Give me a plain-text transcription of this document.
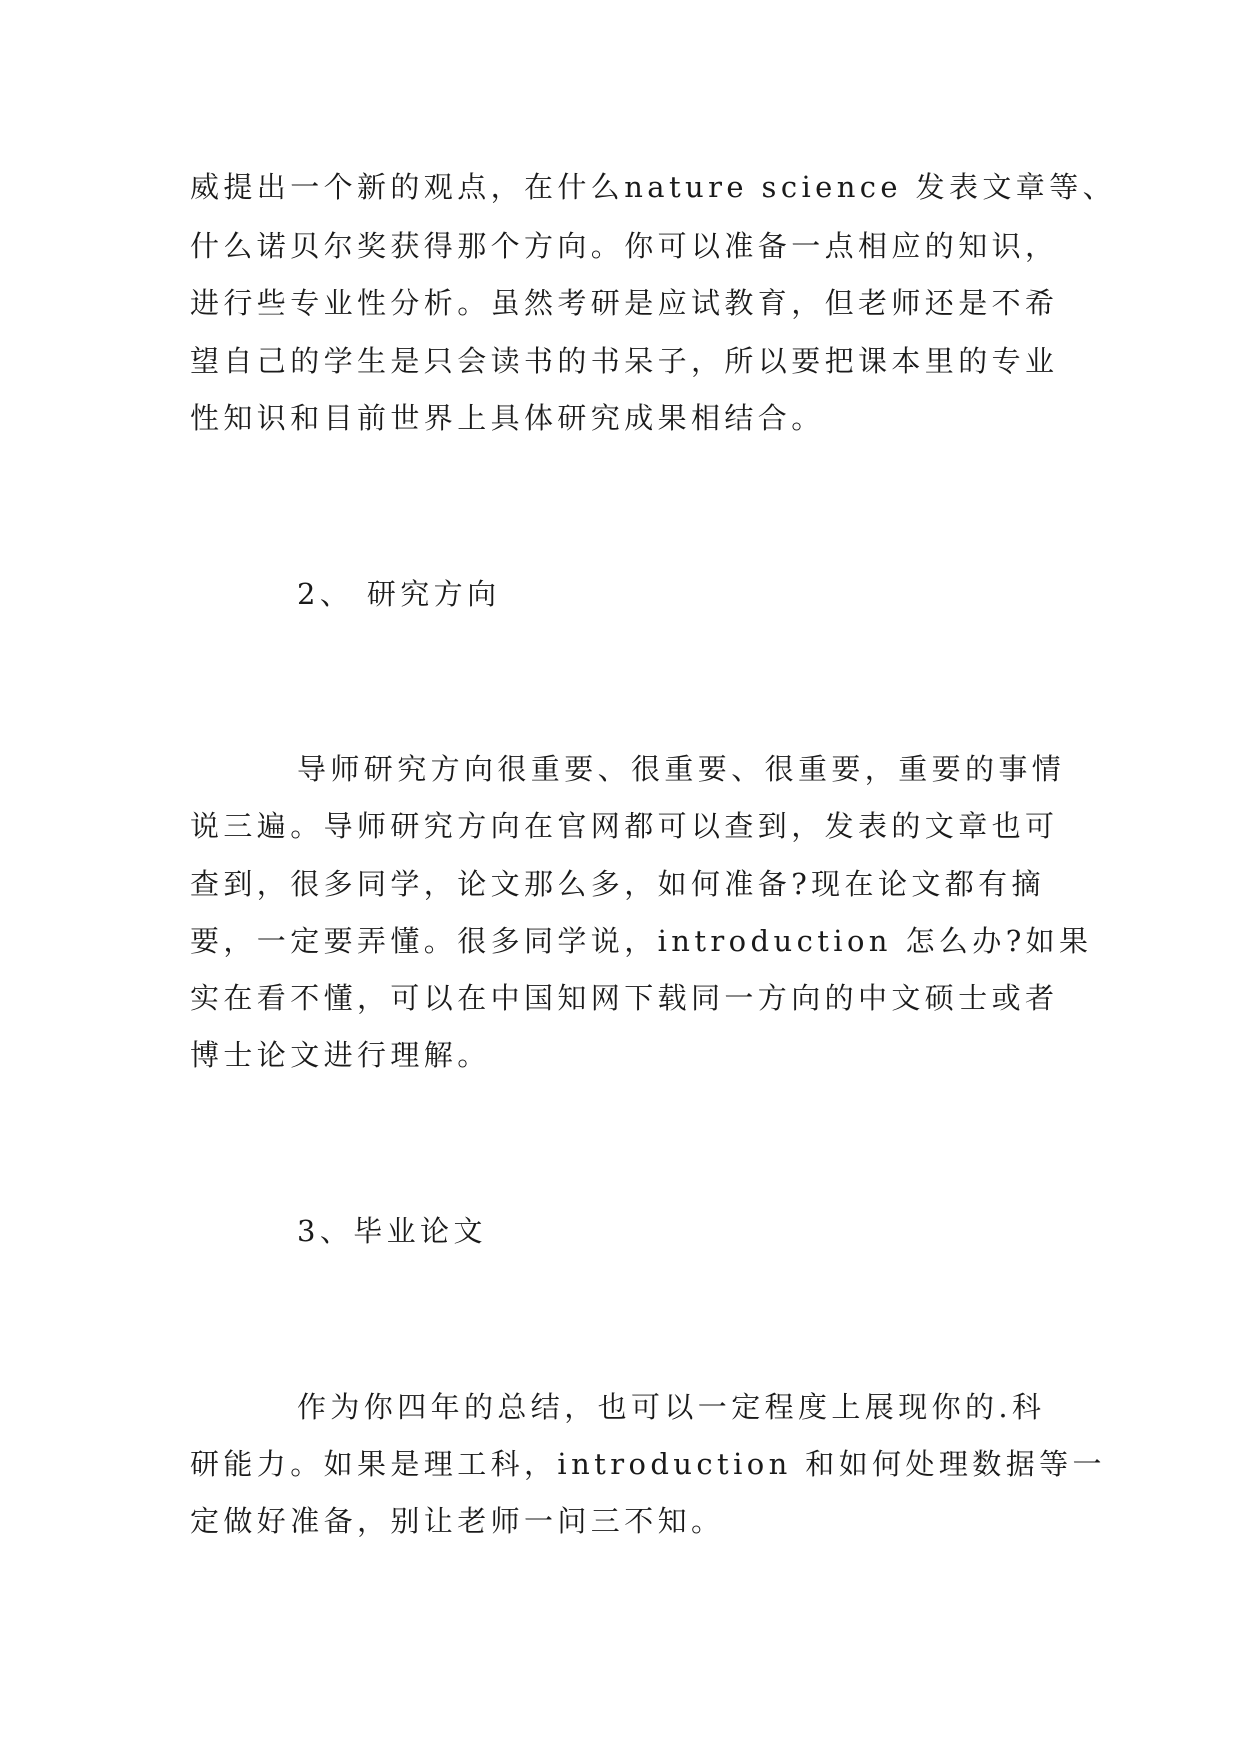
威提出一个新的观点，在什么nature science 发表文章等、
什么诺贝尔奖获得那个方向。你可以准备一点相应的知识，
进行些专业性分析。虽然考研是应试教育，但老师还是不希
望自己的学生是只会读书的书呆子，所以要把课本里的专业
性知识和目前世界上具体研究成果相结合。
2、 研究方向
导师研究方向很重要、很重要、很重要，重要的事情
说三遍。导师研究方向在官网都可以查到，发表的文章也可
查到，很多同学，论文那么多，如何准备?现在论文都有摘
要，一定要弄懂。很多同学说，introduction 怎么办?如果
实在看不懂，可以在中国知网下载同一方向的中文硕士或者
博士论文进行理解。
3、毕业论文
作为你四年的总结，也可以一定程度上展现你的.科
研能力。如果是理工科，introduction 和如何处理数据等一
定做好准备，别让老师一问三不知。
